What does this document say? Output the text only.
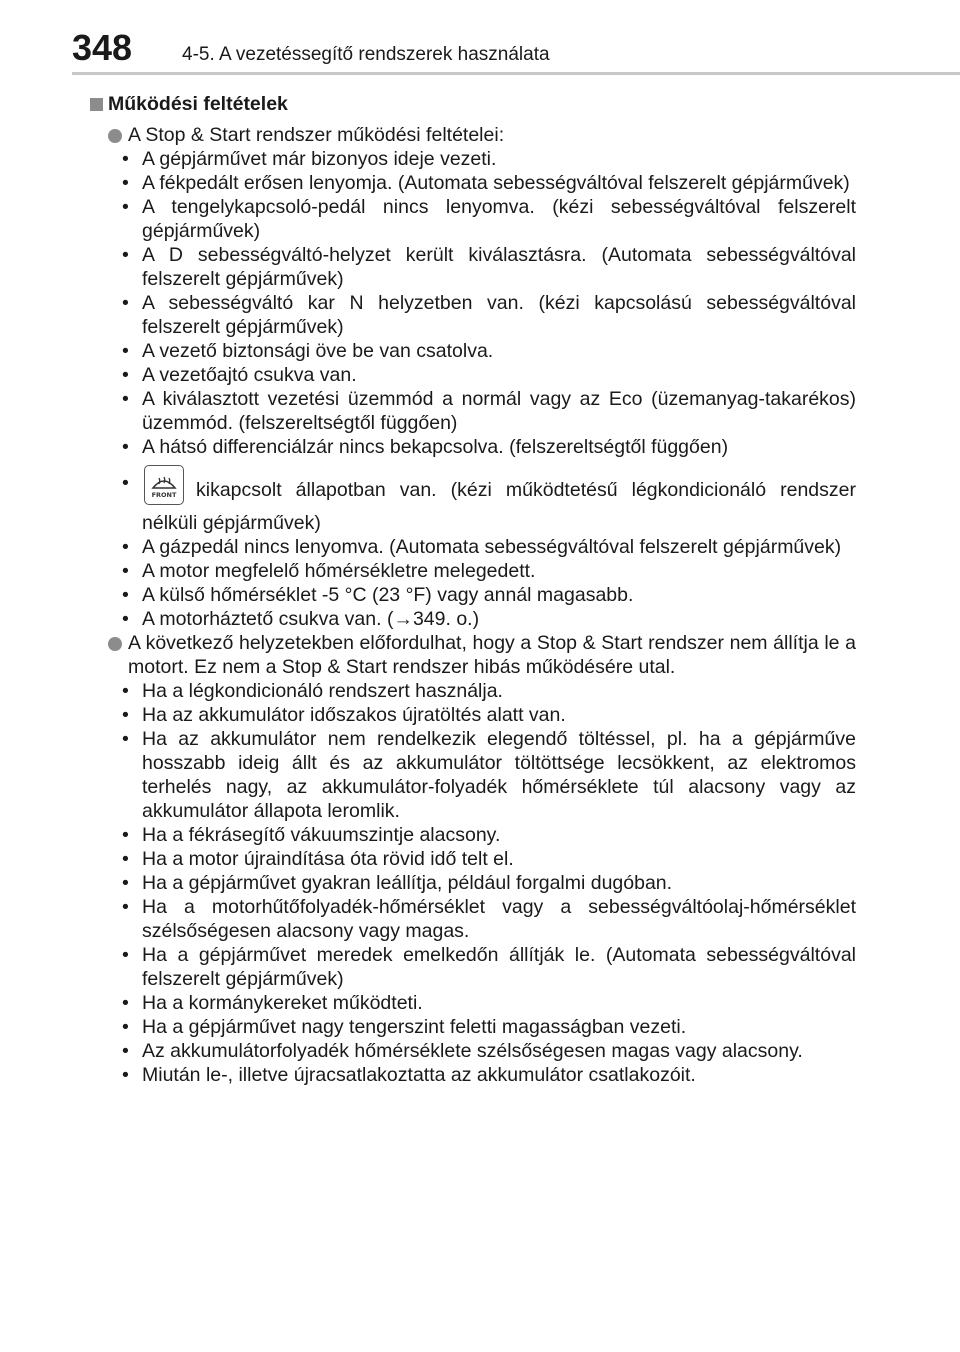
348	4-5. A vezetéssegítő rendszerek használata
Működési feltételek
A Stop & Start rendszer működési feltételei:
• A gépjárművet már bizonyos ideje vezeti.
• A fékpedált erősen lenyomja. (Automata sebességváltóval felszerelt gépjárművek)
• A tengelykapcsoló-pedál nincs lenyomva. (kézi sebességváltóval felszerelt gépjárművek)
• A D sebességváltó-helyzet került kiválasztásra. (Automata sebességváltóval felszerelt gépjárművek)
• A sebességváltó kar N helyzetben van. (kézi kapcsolású sebességváltóval felszerelt gépjárművek)
• A vezető biztonsági öve be van csatolva.
• A vezetőajtó csukva van.
• A kiválasztott vezetési üzemmód a normál vagy az Eco (üzemanyag-takarékos) üzemmód. (felszereltségtől függően)
• A hátsó differenciálzár nincs bekapcsolva. (felszereltségtől függően)
•
FRONT kikapcsolt állapotban van. (kézi működtetésű légkondicionáló rendszer nélküli gépjárművek)
• A gázpedál nincs lenyomva. (Automata sebességváltóval felszerelt gépjárművek)
• A motor megfelelő hőmérsékletre melegedett.
• A külső hőmérséklet -5 °C (23 °F) vagy annál magasabb.
• A motorháztető csukva van. (→349. o.)
A következő helyzetekben előfordulhat, hogy a Stop & Start rendszer nem állítja le a motort. Ez nem a Stop & Start rendszer hibás működésére utal.
• Ha a légkondicionáló rendszert használja.
• Ha az akkumulátor időszakos újratöltés alatt van.
• Ha az akkumulátor nem rendelkezik elegendő töltéssel, pl. ha a gépjárműve hosszabb ideig állt és az akkumulátor töltöttsége lecsökkent, az elektromos terhelés nagy, az akkumulátor-folyadék hőmérséklete túl alacsony vagy az akkumulátor állapota leromlik.
• Ha a fékrásegítő vákuumszintje alacsony.
• Ha a motor újraindítása óta rövid idő telt el.
• Ha a gépjárművet gyakran leállítja, például forgalmi dugóban.
• Ha a motorhűtőfolyadék-hőmérséklet vagy a sebességváltóolaj-hőmérséklet szélsőségesen alacsony vagy magas.
• Ha a gépjárművet meredek emelkedőn állítják le. (Automata sebességváltóval felszerelt gépjárművek)
• Ha a kormánykereket működteti.
• Ha a gépjárművet nagy tengerszint feletti magasságban vezeti.
• Az akkumulátorfolyadék hőmérséklete szélsőségesen magas vagy alacsony.
• Miután le-, illetve újracsatlakoztatta az akkumulátor csatlakozóit.
